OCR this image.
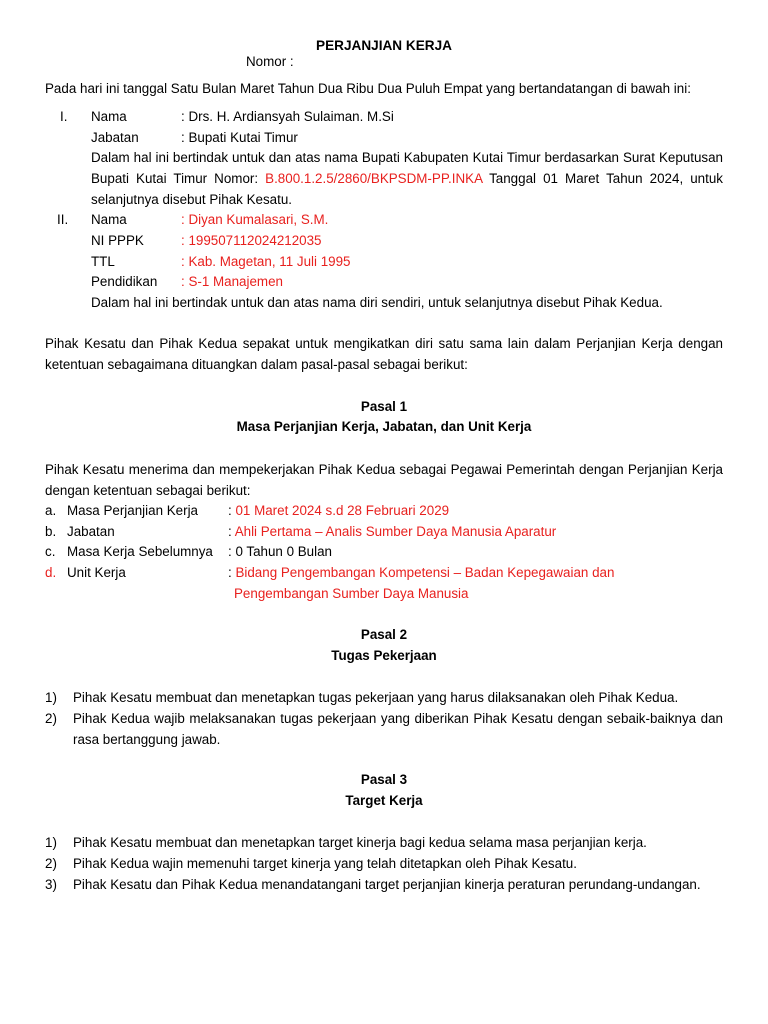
PERJANJIAN KERJA
Nomor :
Pada hari ini tanggal Satu Bulan Maret Tahun Dua Ribu Dua Puluh Empat yang bertandatangan di bawah ini:
I. Nama	: Drs. H. Ardiansyah Sulaiman. M.Si
Jabatan	: Bupati Kutai Timur
Dalam hal ini bertindak untuk dan atas nama Bupati Kabupaten Kutai Timur berdasarkan Surat Keputusan Bupati Kutai Timur Nomor: B.800.1.2.5/2860/BKPSDM-PP.INKA Tanggal 01 Maret Tahun 2024, untuk selanjutnya disebut Pihak Kesatu.
II. Nama	: Diyan Kumalasari, S.M.
NI PPPK	: 199507112024212035
TTL	: Kab. Magetan, 11 Juli 1995
Pendidikan : S-1 Manajemen
Dalam hal ini bertindak untuk dan atas nama diri sendiri, untuk selanjutnya disebut Pihak Kedua.
Pihak Kesatu dan Pihak Kedua sepakat untuk mengikatkan diri satu sama lain dalam Perjanjian Kerja dengan ketentuan sebagaimana dituangkan dalam pasal-pasal sebagai berikut:
Pasal 1
Masa Perjanjian Kerja, Jabatan, dan Unit Kerja
Pihak Kesatu menerima dan mempekerjakan Pihak Kedua sebagai Pegawai Pemerintah dengan Perjanjian Kerja dengan ketentuan sebagai berikut:
a. Masa Perjanjian Kerja : 01 Maret 2024 s.d 28 Februari 2029
b. Jabatan	: Ahli Pertama – Analis Sumber Daya Manusia Aparatur
c. Masa Kerja Sebelumnya : 0 Tahun 0 Bulan
d. Unit Kerja	: Bidang Pengembangan Kompetensi – Badan Kepegawaian dan
Pengembangan Sumber Daya Manusia
Pasal 2
Tugas Pekerjaan
1) Pihak Kesatu membuat dan menetapkan tugas pekerjaan yang harus dilaksanakan oleh Pihak Kedua.
2) Pihak Kedua wajib melaksanakan tugas pekerjaan yang diberikan Pihak Kesatu dengan sebaik-baiknya dan rasa bertanggung jawab.
Pasal 3
Target Kerja
1) Pihak Kesatu membuat dan menetapkan target kinerja bagi kedua selama masa perjanjian kerja.
2) Pihak Kedua wajin memenuhi target kinerja yang telah ditetapkan oleh Pihak Kesatu.
3) Pihak Kesatu dan Pihak Kedua menandatangani target perjanjian kinerja peraturan perundang-undangan.
